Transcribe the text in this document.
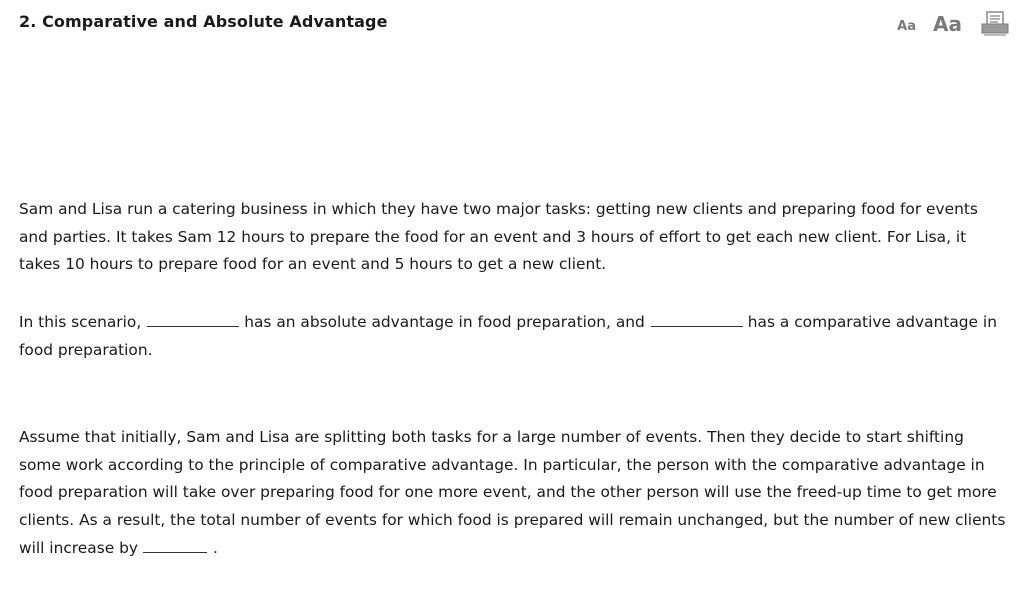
2. Comparative and Absolute Advantage	Aa Aa

Sam and Lisa run a catering business in which they have two major tasks: getting new clients and preparing food for events and parties. It takes Sam 12 hours to prepare the food for an event and 3 hours of effort to get each new client. For Lisa, it takes 10 hours to prepare food for an event and 5 hours to get a new client.

In this scenario,	has an absolute advantage in food preparation, and	has a comparative advantage in food preparation.

Assume that initially, Sam and Lisa are splitting both tasks for a large number of events. Then they decide to start shifting some work according to the principle of comparative advantage. In particular, the person with the comparative advantage in food preparation will take over preparing food for one more event, and the other person will use the freed-up time to get more clients. As a result, the total number of events for which food is prepared will remain unchanged, but the number of new clients will increase by	.
